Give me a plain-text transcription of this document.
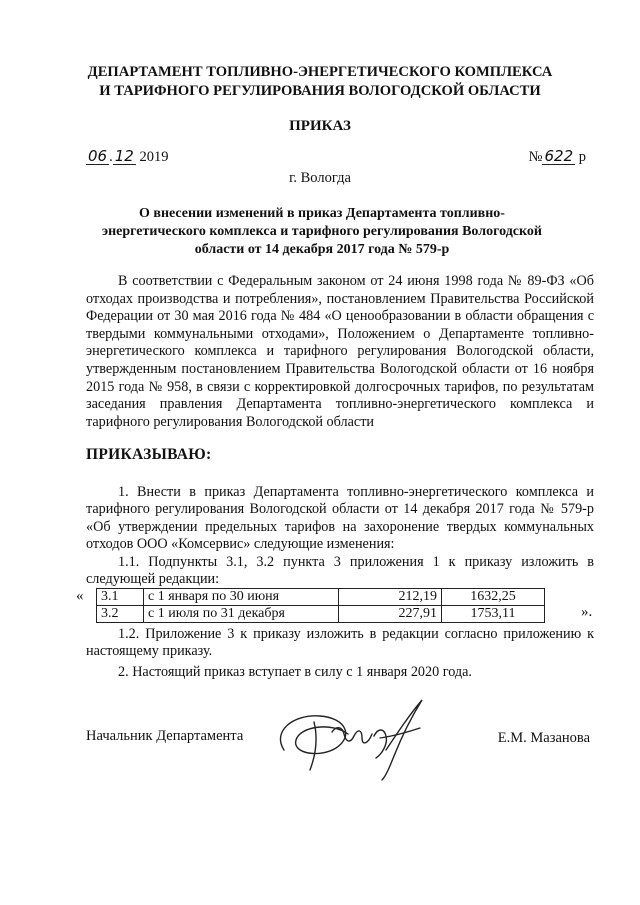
ДЕПАРТАМЕНТ ТОПЛИВНО-ЭНЕРГЕТИЧЕСКОГО КОМПЛЕКСА
И ТАРИФНОГО РЕГУЛИРОВАНИЯ ВОЛОГОДСКОЙ ОБЛАСТИ
ПРИКАЗ
06 . 12 2019	№ 622 р
г. Вологда
О внесении изменений в приказ Департамента топливно-
энергетического комплекса и тарифного регулирования Вологодской
области от 14 декабря 2017 года № 579-р

В соответствии с Федеральным законом от 24 июня 1998 года № 89-ФЗ «Об отходах производства и потребления», постановлением Правительства Российской Федерации от 30 мая 2016 года № 484 «О ценообразовании в области обращения с твердыми коммунальными отходами», Положением о Департаменте топливно-энергетического комплекса и тарифного регулирования Вологодской области, утвержденным постановлением Правительства Вологодской области от 16 ноября 2015 года № 958, в связи с корректировкой долгосрочных тарифов, по результатам заседания правления Департамента топливно-энергетического комплекса и тарифного регулирования Вологодской области

ПРИКАЗЫВАЮ:

1. Внести в приказ Департамента топливно-энергетического комплекса и тарифного регулирования Вологодской области от 14 декабря 2017 года № 579-р «Об утверждении предельных тарифов на захоронение твердых коммунальных отходов ООО «Комсервис» следующие изменения:

1.1. Подпункты 3.1, 3.2 пункта 3 приложения 1 к приказу изложить в следующей редакции:

« 3.1	с 1 января по 30 июня	212,19	1632,25
3.2	с 1 июля по 31 декабря	227,91	1753,11	».

1.2. Приложение 3 к приказу изложить в редакции согласно приложению к настоящему приказу.

2. Настоящий приказ вступает в силу с 1 января 2020 года.

Начальник Департамента	Е.М. Мазанова
